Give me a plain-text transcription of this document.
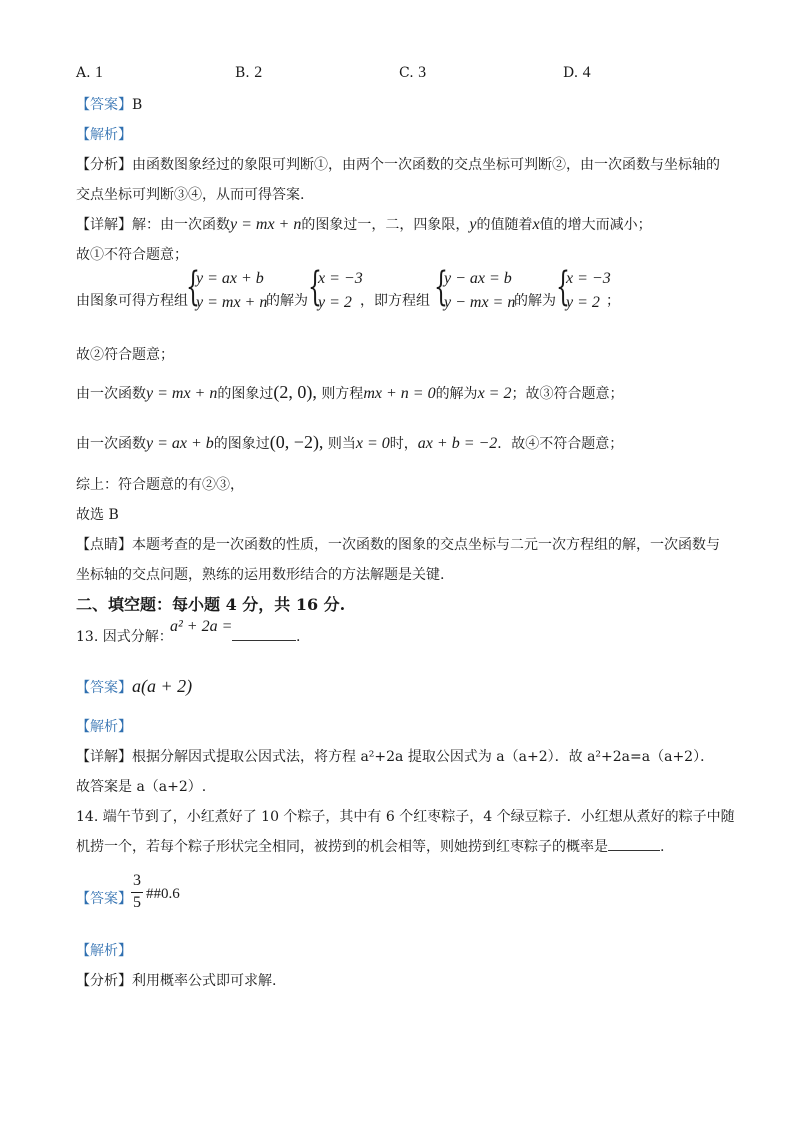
A. 1	B. 2	C. 3	D. 4
【答案】B
【解析】
【分析】由函数图象经过的象限可判断①，由两个一次函数的交点坐标可判断②，由一次函数与坐标轴的
交点坐标可判断③④，从而可得答案.
【详解】解：由一次函数y = mx + n的图象过一，二，四象限，y的值随着x值的增大而减小；
故①不符合题意；
由图象可得方程组
{
y = ax + b
y = mx + n
的解为 {
x = −3
y = 2 ，即方程组 {
y − ax = b
y − mx = n
的解为 {
x = −3
y = 2 ；
故②符合题意；
由一次函数y = mx + n的图象过(2, 0), 则方程mx + n = 0的解为x = 2；故③符合题意；
由一次函数y = ax + b的图象过(0, −2), 则当x = 0时，ax + b = −2．故④不符合题意；
综上：符合题意的有②③，
故选 B
【点睛】本题考查的是一次函数的性质，一次函数的图象的交点坐标与二元一次方程组的解，一次函数与
坐标轴的交点问题，熟练的运用数形结合的方法解题是关键.
二、填空题：每小题 4 分，共 16 分.
13. 因式分解：
a² + 2a =
.
【答案】a(a + 2)
【解析】
【详解】根据分解因式提取公因式法，将方程 a²+2a 提取公因式为 a（a+2）．故 a²+2a=a（a+2）．
故答案是 a（a+2）.
14. 端午节到了，小红煮好了 10 个粽子，其中有 6 个红枣粽子，4 个绿豆粽子．小红想从煮好的粽子中随
机捞一个，若每个粽子形状完全相同，被捞到的机会相等，则她捞到红枣粽子的概率是	.
【答案】
3
5 ##0.6
【解析】
【分析】利用概率公式即可求解.
